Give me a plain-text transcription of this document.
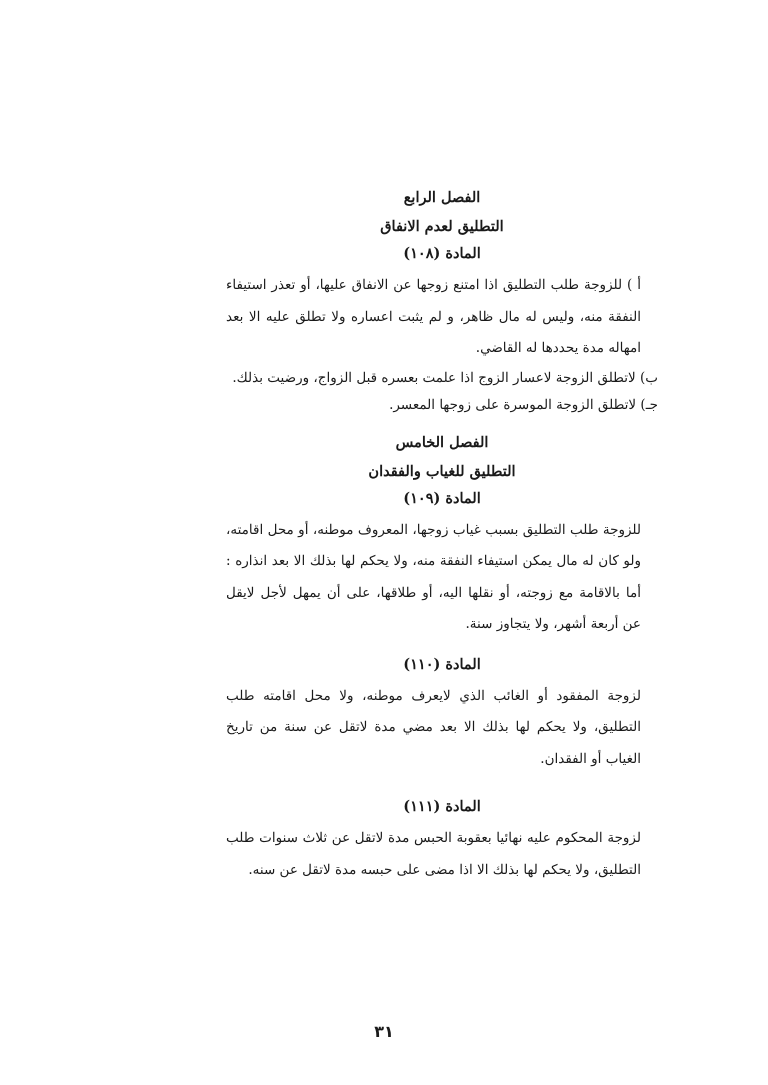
الفصل الرابع
التطليق لعدم الانفاق
المادة (١٠٨)

أ ) للزوجة طلب التطليق اذا امتنع زوجها عن الانفاق عليها، أو تعذر استيفاء النفقة منه، وليس له مال ظاهر، و لم يثبت اعساره ولا تطلق عليه الا بعد امهاله مدة يحددها له القاضي.

ب) لاتطلق الزوجة لاعسار الزوج اذا علمت بعسره قبل الزواج، ورضيت بذلك.

جـ) لاتطلق الزوجة الموسرة على زوجها المعسر.

الفصل الخامس
التطليق للغياب والفقدان
المادة (١٠٩)

للزوجة طلب التطليق بسبب غياب زوجها، المعروف موطنه، أو محل اقامته، ولو كان له مال يمكن استيفاء النفقة منه، ولا يحكم لها بذلك الا بعد انذاره : أما بالاقامة مع زوجته، أو نقلها اليه، أو طلاقها، على أن يمهل لأجل لايقل عن أربعة أشهر، ولا يتجاوز سنة.

المادة (١١٠)

لزوجة المفقود أو الغائب الذي لايعرف موطنه، ولا محل اقامته طلب التطليق، ولا يحكم لها بذلك الا بعد مضي مدة لاتقل عن سنة من تاريخ الغياب أو الفقدان.

المادة (١١١)

لزوجة المحكوم عليه نهائيا بعقوبة الحبس مدة لاتقل عن ثلاث سنوات طلب التطليق، ولا يحكم لها بذلك الا اذا مضى على حبسه مدة لاتقل عن سنه.

٣١
